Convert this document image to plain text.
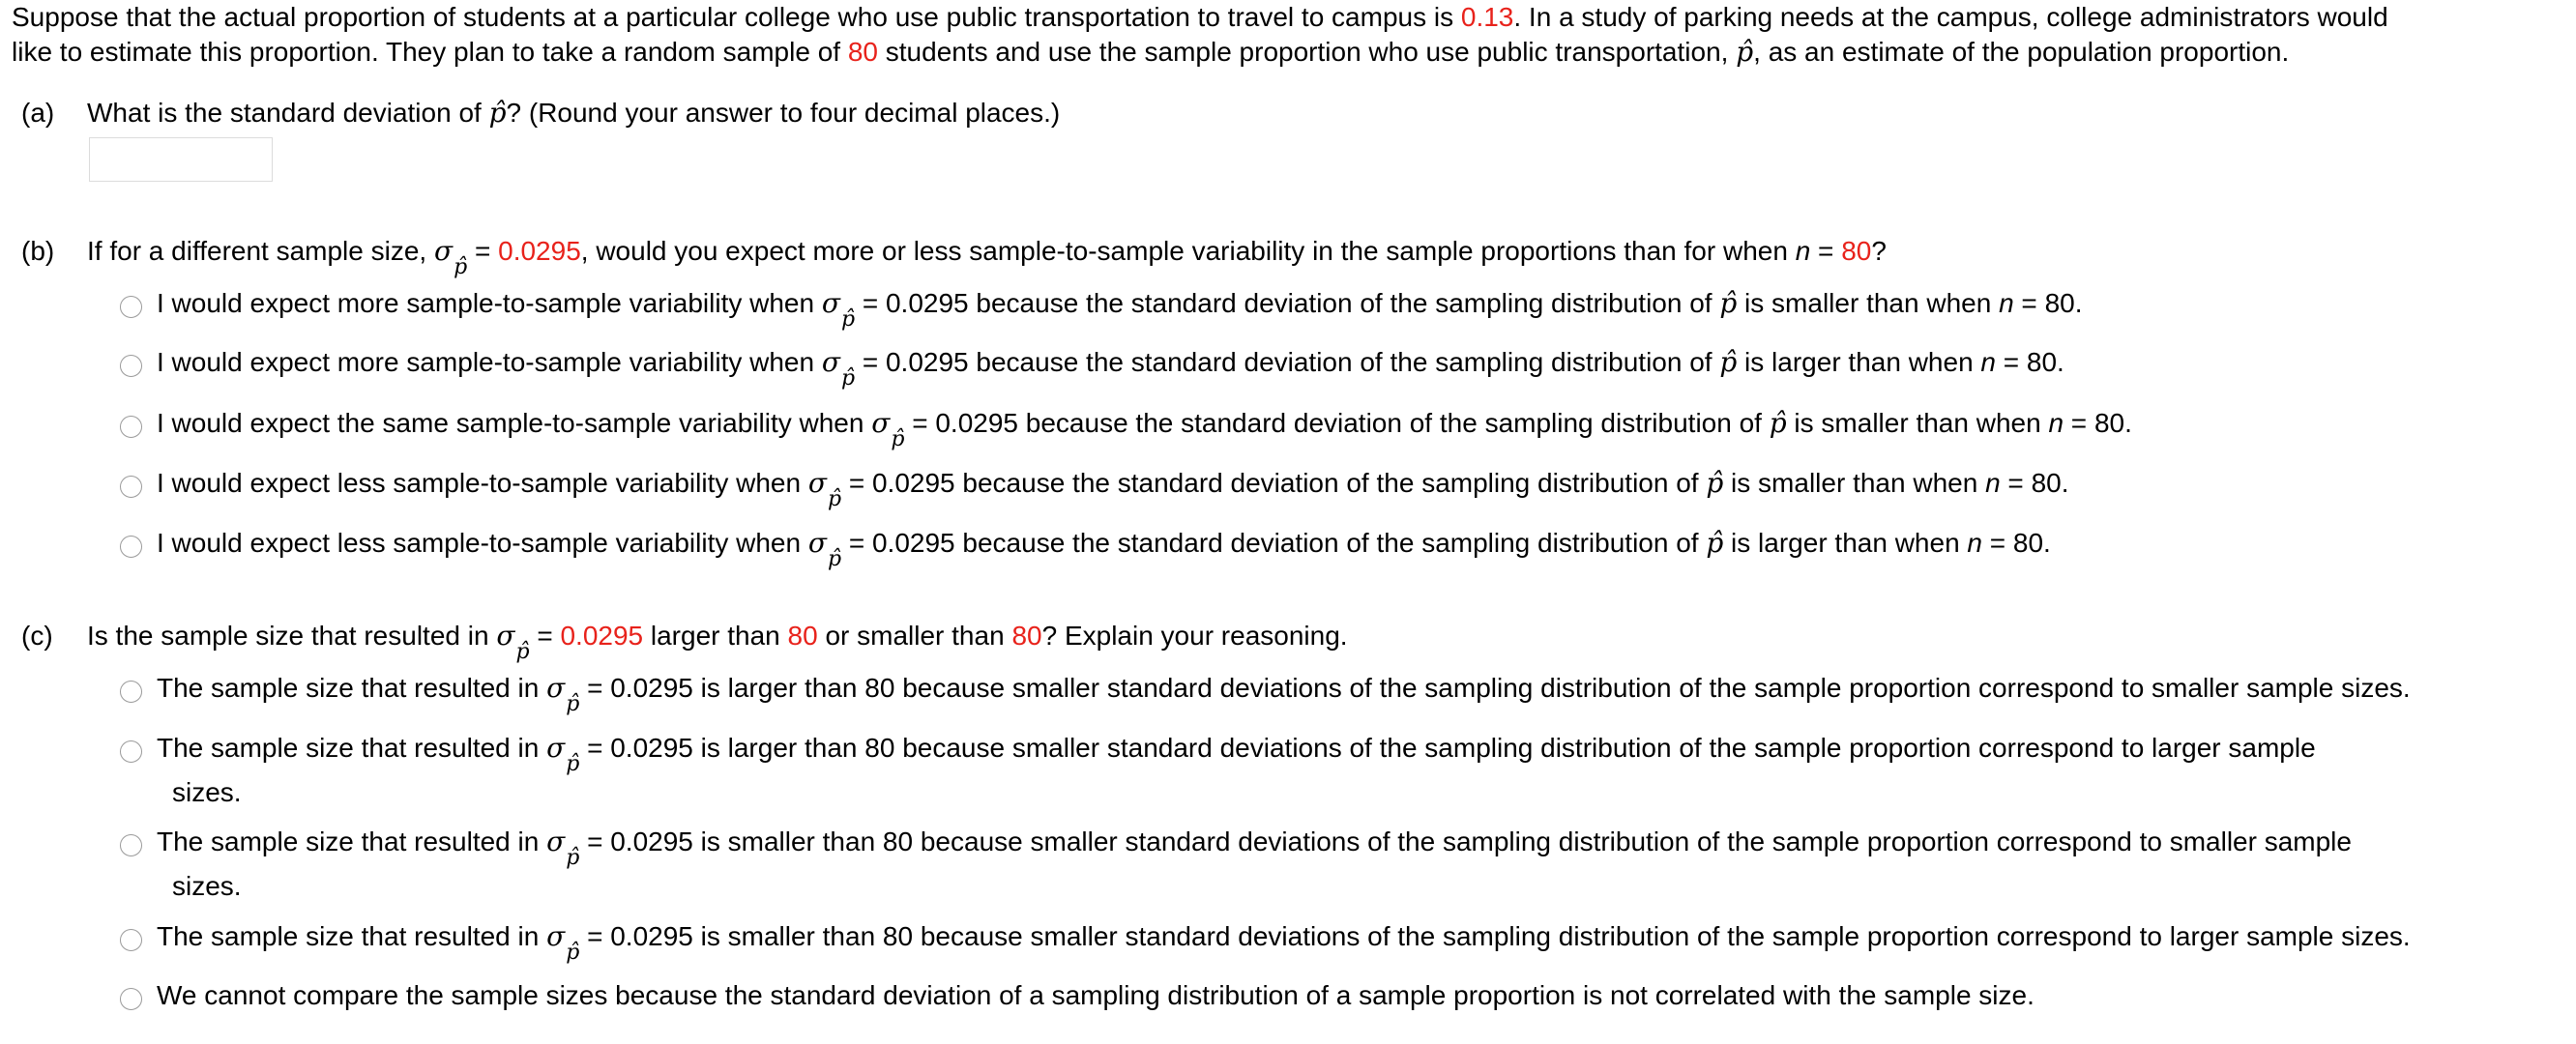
Suppose that the actual proportion of students at a particular college who use public transportation to travel to campus is 0.13. In a study of parking needs at the campus, college administrators would
like to estimate this proportion. They plan to take a random sample of 80 students and use the sample proportion who use public transportation, p̂, as an estimate of the population proportion.
(a) What is the standard deviation of p̂? (Round your answer to four decimal places.)
(b) If for a different sample size, $\sigma_{p̂} = 0.0295$, would you expect more or less sample-to-sample variability in the sample proportions than for when n = 80?
I would expect more sample-to-sample variability when $\sigma_{p̂} = 0.0295$ because the standard deviation of the sampling distribution of p̂ is smaller than when n = 80.
I would expect more sample-to-sample variability when $\sigma_{p̂} = 0.0295$ because the standard deviation of the sampling distribution of p̂ is larger than when n = 80.
I would expect the same sample-to-sample variability when $\sigma_{p̂} = 0.0295$ because the standard deviation of the sampling distribution of p̂ is smaller than when n = 80.
I would expect less sample-to-sample variability when $\sigma_{p̂} = 0.0295$ because the standard deviation of the sampling distribution of p̂ is smaller than when n = 80.
I would expect less sample-to-sample variability when $\sigma_{p̂} = 0.0295$ because the standard deviation of the sampling distribution of p̂ is larger than when n = 80.
(c) Is the sample size that resulted in $\sigma_{p̂} = 0.0295$ larger than 80 or smaller than 80? Explain your reasoning.
The sample size that resulted in $\sigma_{p̂} = 0.0295$ is larger than 80 because smaller standard deviations of the sampling distribution of the sample proportion correspond to smaller sample sizes.
The sample size that resulted in $\sigma_{p̂} = 0.0295$ is larger than 80 because smaller standard deviations of the sampling distribution of the sample proportion correspond to larger sample
sizes.
The sample size that resulted in $\sigma_{p̂} = 0.0295$ is smaller than 80 because smaller standard deviations of the sampling distribution of the sample proportion correspond to smaller sample
sizes.
The sample size that resulted in $\sigma_{p̂} = 0.0295$ is smaller than 80 because smaller standard deviations of the sampling distribution of the sample proportion correspond to larger sample sizes.
We cannot compare the sample sizes because the standard deviation of a sampling distribution of a sample proportion is not correlated with the sample size.
